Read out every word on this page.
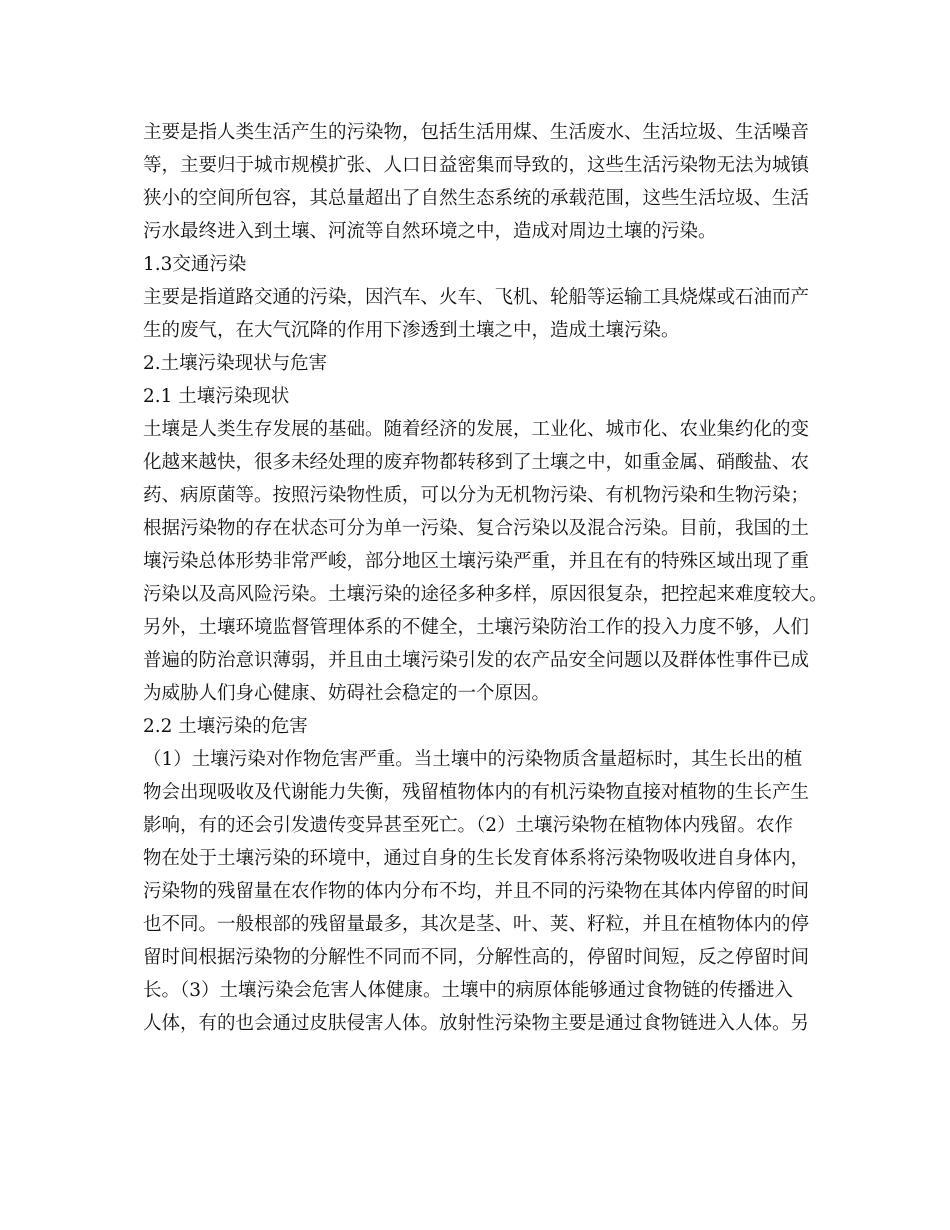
主要是指人类生活产生的污染物，包括生活用煤、生活废水、生活垃圾、生活噪音
等，主要归于城市规模扩张、人口日益密集而导致的，这些生活污染物无法为城镇
狭小的空间所包容，其总量超出了自然生态系统的承载范围，这些生活垃圾、生活
污水最终进入到土壤、河流等自然环境之中，造成对周边土壤的污染。
1.3交通污染
主要是指道路交通的污染，因汽车、火车、飞机、轮船等运输工具烧煤或石油而产
生的废气，在大气沉降的作用下渗透到土壤之中，造成土壤污染。
2.土壤污染现状与危害
2.1 土壤污染现状
土壤是人类生存发展的基础。随着经济的发展，工业化、城市化、农业集约化的变
化越来越快，很多未经处理的废弃物都转移到了土壤之中，如重金属、硝酸盐、农
药、病原菌等。按照污染物性质，可以分为无机物污染、有机物污染和生物污染；
根据污染物的存在状态可分为单一污染、复合污染以及混合污染。目前，我国的土
壤污染总体形势非常严峻，部分地区土壤污染严重，并且在有的特殊区域出现了重
污染以及高风险污染。土壤污染的途径多种多样，原因很复杂，把控起来难度较大。
另外，土壤环境监督管理体系的不健全，土壤污染防治工作的投入力度不够，人们
普遍的防治意识薄弱，并且由土壤污染引发的农产品安全问题以及群体性事件已成
为威胁人们身心健康、妨碍社会稳定的一个原因。
2.2 土壤污染的危害
（1）土壤污染对作物危害严重。当土壤中的污染物质含量超标时，其生长出的植
物会出现吸收及代谢能力失衡，残留植物体内的有机污染物直接对植物的生长产生
影响，有的还会引发遗传变异甚至死亡。（2）土壤污染物在植物体内残留。农作
物在处于土壤污染的环境中，通过自身的生长发育体系将污染物吸收进自身体内，
污染物的残留量在农作物的体内分布不均，并且不同的污染物在其体内停留的时间
也不同。一般根部的残留量最多，其次是茎、叶、荚、籽粒，并且在植物体内的停
留时间根据污染物的分解性不同而不同，分解性高的，停留时间短，反之停留时间
长。（3）土壤污染会危害人体健康。土壤中的病原体能够通过食物链的传播进入
人体，有的也会通过皮肤侵害人体。放射性污染物主要是通过食物链进入人体。另
